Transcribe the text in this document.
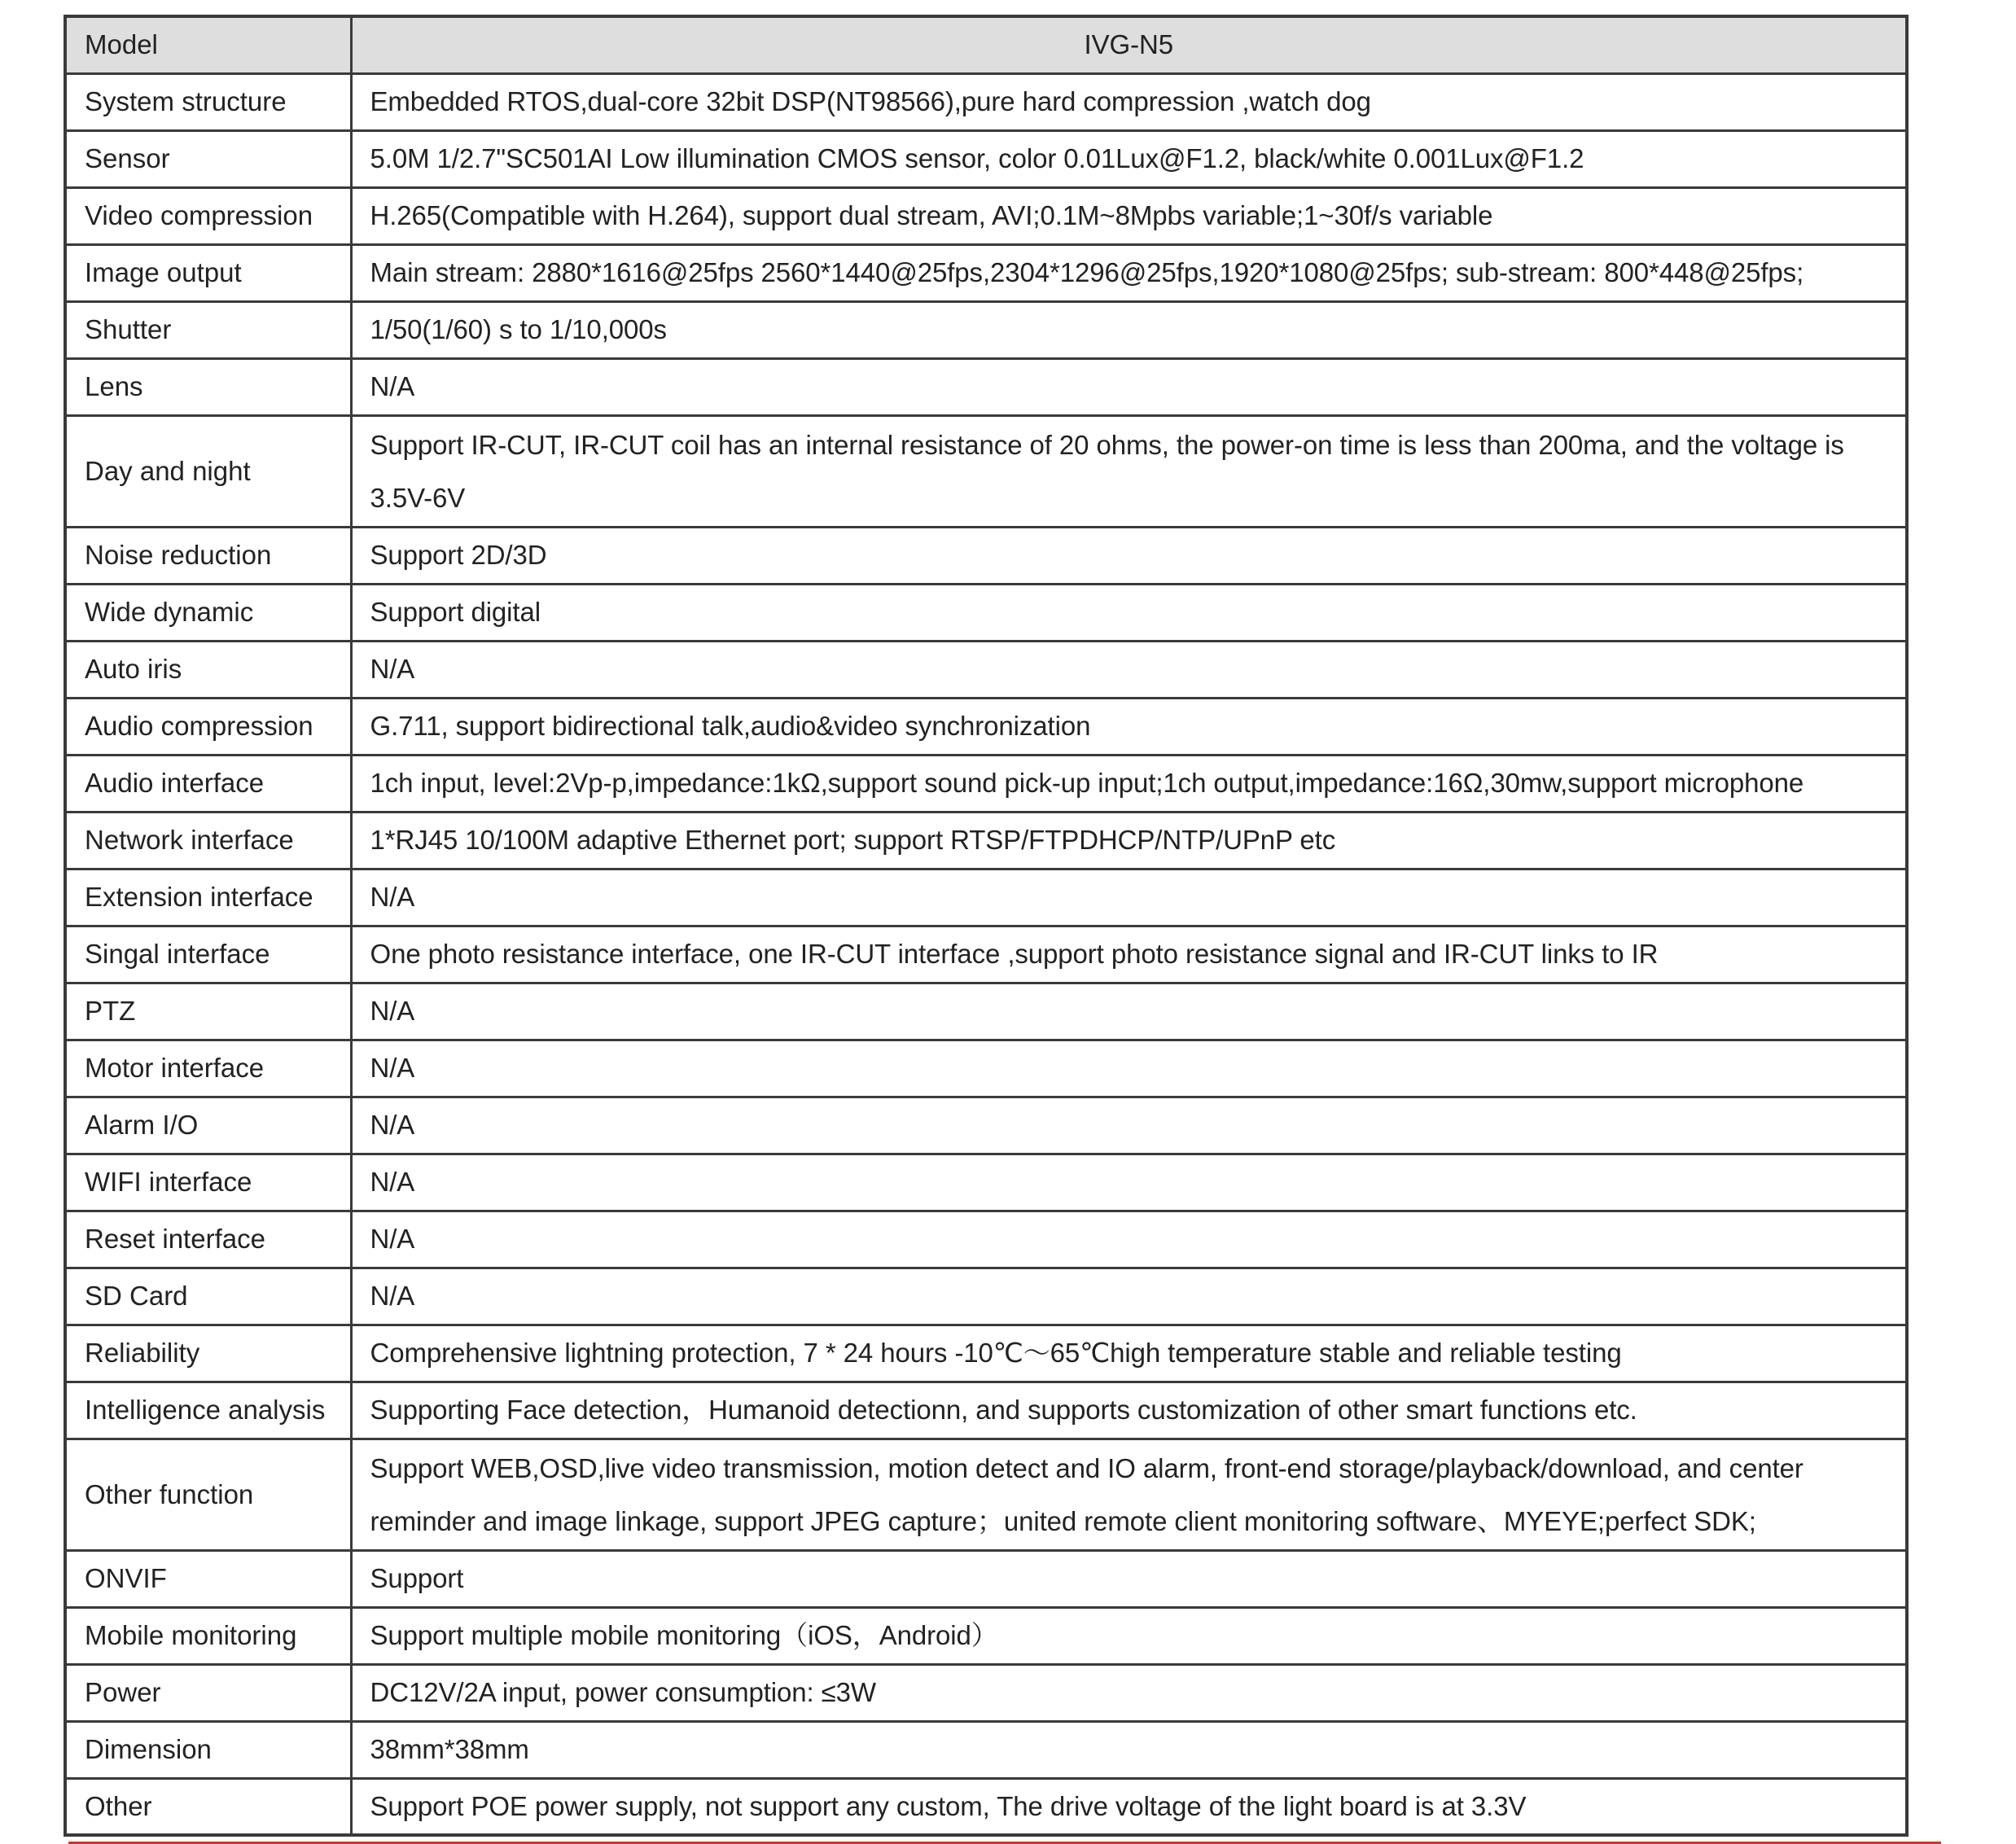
Model	IVG-N5
System structure	Embedded RTOS,dual-core 32bit DSP(NT98566),pure hard compression ,watch dog
Sensor	5.0M 1/2.7"SC501AI Low illumination CMOS sensor, color 0.01Lux@F1.2, black/white 0.001Lux@F1.2
Video compression	H.265(Compatible with H.264), support dual stream, AVI;0.1M~8Mpbs variable;1~30f/s variable
Image output	Main stream: 2880*1616@25fps 2560*1440@25fps,2304*1296@25fps,1920*1080@25fps; sub-stream: 800*448@25fps;
Shutter	1/50(1/60) s to 1/10,000s
Lens	N/A
Day and night	Support IR-CUT, IR-CUT coil has an internal resistance of 20 ohms, the power-on time is less than 200ma, and the voltage is 3.5V-6V
Noise reduction	Support 2D/3D
Wide dynamic	Support digital
Auto iris	N/A
Audio compression	G.711, support bidirectional talk,audio&video synchronization
Audio interface	1ch input, level:2Vp-p,impedance:1kΩ,support sound pick-up input;1ch output,impedance:16Ω,30mw,support microphone
Network interface	1*RJ45 10/100M adaptive Ethernet port; support RTSP/FTPDHCP/NTP/UPnP etc
Extension interface	N/A
Singal interface	One photo resistance interface, one IR-CUT interface ,support photo resistance signal and IR-CUT links to IR
PTZ	N/A
Motor interface	N/A
Alarm I/O	N/A
WIFI interface	N/A
Reset interface	N/A
SD Card	N/A
Reliability	Comprehensive lightning protection, 7 * 24 hours -10℃～65℃high temperature stable and reliable testing
Intelligence analysis	Supporting Face detection，Humanoid detectionn, and supports customization of other smart functions etc.
Other function	Support WEB,OSD,live video transmission, motion detect and IO alarm, front-end storage/playback/download, and center reminder and image linkage, support JPEG capture；united remote client monitoring software、MYEYE;perfect SDK;
ONVIF	Support
Mobile monitoring	Support multiple mobile monitoring（iOS，Android）
Power	DC12V/2A input, power consumption: ≤3W
Dimension	38mm*38mm
Other	Support POE power supply, not support any custom, The drive voltage of the light board is at 3.3V
